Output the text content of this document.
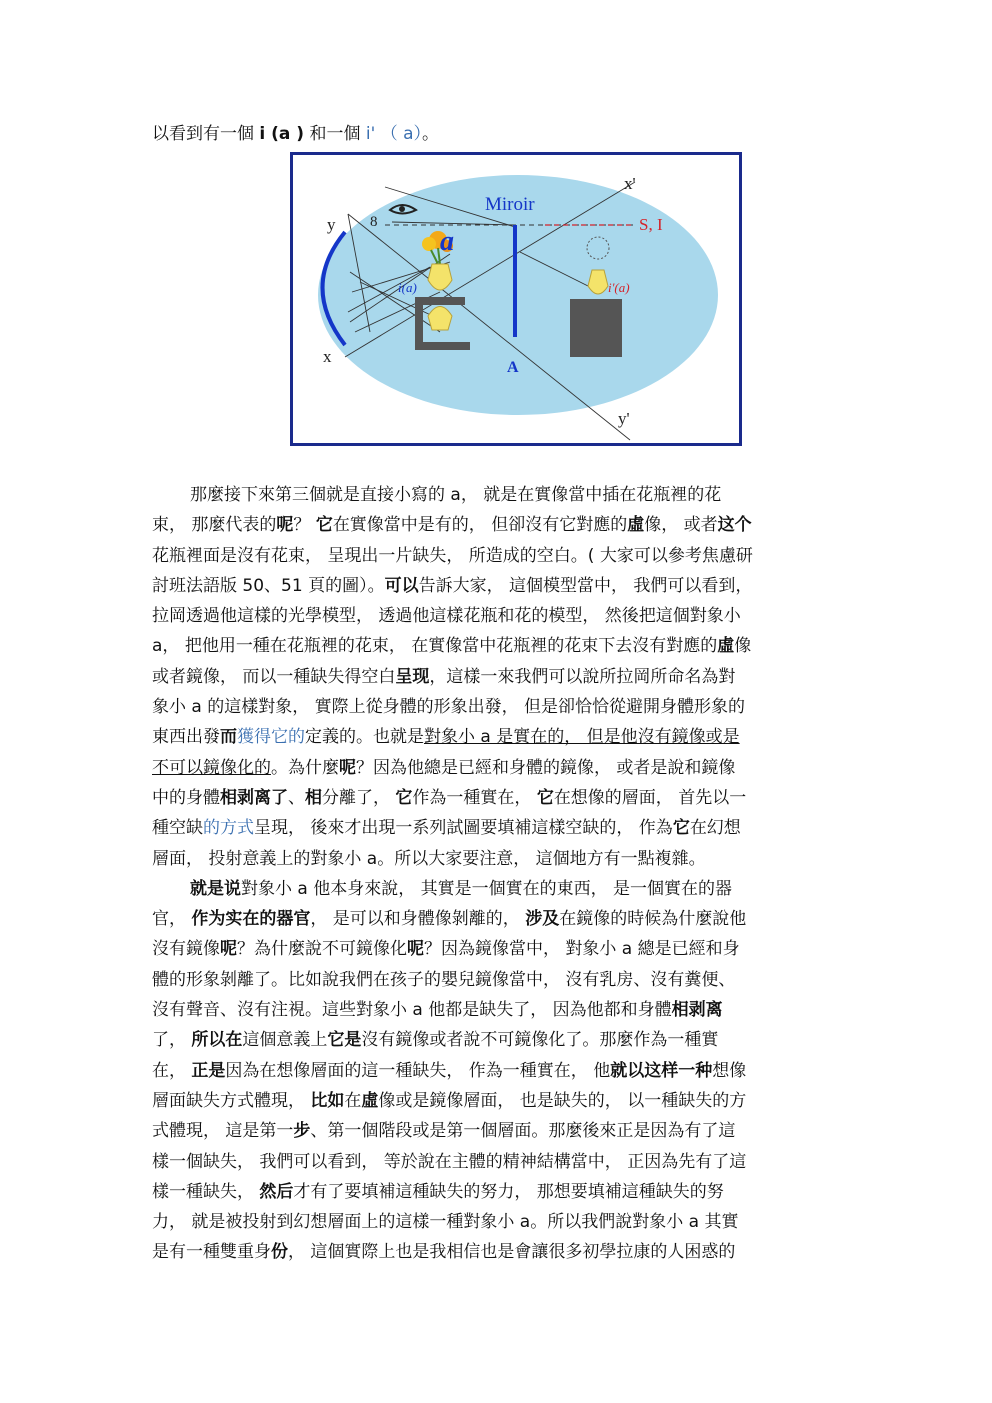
以看到有一個 i (a ) 和一個 i' （ a）。
Miroir
a
i(a)	i'(a)
S, I
x
y
x'
y'
A
8

那麼接下來第三個就是直接小寫的 a， 就是在實像當中插在花瓶裡的花
束， 那麼代表的呢？ 它在實像當中是有的， 但卻沒有它對應的虛像， 或者这个
花瓶裡面是沒有花束， 呈現出一片缺失， 所造成的空白。( 大家可以參考焦慮研
討班法語版 50、51 頁的圖）。可以告訴大家， 這個模型當中， 我們可以看到，
拉岡透過他這樣的光學模型， 透過他這樣花瓶和花的模型， 然後把這個對象小
a， 把他用一種在花瓶裡的花束， 在實像當中花瓶裡的花束下去沒有對應的虛像
或者鏡像， 而以一種缺失得空白呈现，這樣一來我們可以說所拉岡所命名為對
象小 a 的這樣對象， 實際上從身體的形象出發， 但是卻恰恰從避開身體形象的
東西出發而獲得它的定義的。也就是對象小 a 是實在的， 但是他沒有鏡像或是
不可以鏡像化的。為什麼呢？因為他總是已經和身體的鏡像， 或者是說和鏡像
中的身體相剥离了、相分離了， 它作為一種實在， 它在想像的層面， 首先以一
種空缺的方式呈現， 後來才出現一系列試圖要填補這樣空缺的， 作為它在幻想
層面， 投射意義上的對象小 a。所以大家要注意， 這個地方有一點複雜。

就是说對象小 a 他本身來說， 其實是一個實在的東西， 是一個實在的器
官， 作为实在的器官， 是可以和身體像剝離的， 涉及在鏡像的時候為什麼說他
沒有鏡像呢？為什麼說不可鏡像化呢？因為鏡像當中， 對象小 a 總是已經和身
體的形象剝離了。比如說我們在孩子的嬰兒鏡像當中， 沒有乳房、沒有糞便、
沒有聲音、沒有注視。這些對象小 a 他都是缺失了， 因為他都和身體相剥离
了， 所以在這個意義上它是沒有鏡像或者說不可鏡像化了。那麼作為一種實
在， 正是因為在想像層面的這一種缺失， 作為一種實在， 他就以这样一种想像
層面缺失方式體現， 比如在虛像或是鏡像層面， 也是缺失的， 以一種缺失的方
式體現， 這是第一步、第一個階段或是第一個層面。那麼後來正是因為有了這
樣一個缺失， 我們可以看到， 等於說在主體的精神結構當中， 正因為先有了這
樣一種缺失， 然后才有了要填補這種缺失的努力， 那想要填補這種缺失的努
力， 就是被投射到幻想層面上的這樣一種對象小 a。所以我們說對象小 a 其實
是有一種雙重身份， 這個實際上也是我相信也是會讓很多初學拉康的人困惑的
